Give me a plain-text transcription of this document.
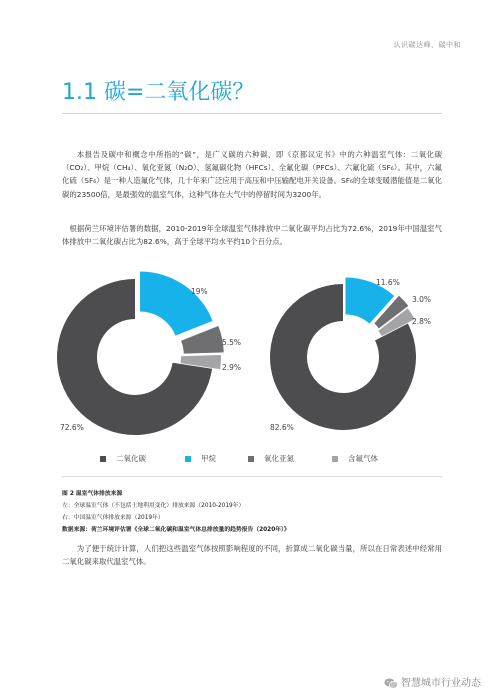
认识碳达峰、碳中和
1.1 碳=二氧化碳？

本报告及碳中和概念中所指的“碳”，是广义碳的六种碳，即《京都议定书》中的六种温室气体：二氧化碳（CO₂）、甲烷（CH₄）、氧化亚氮（N₂O）、氢氟碳化物（HFCs）、全氟化碳（PFCs）、六氟化硫（SF₆）。其中，六氟化硫（SF₆）是一种人造氟化气体，几十年来广泛应用于高压和中压输配电开关设备。SF₆的全球变暖潜能值是二氧化碳的23500倍，是最强效的温室气体，这种气体在大气中的停留时间为3200年。

根据荷兰环境评估署的数据，2010-2019年全球温室气体排放中二氧化碳平均占比为72.6%，2019年中国温室气体排放中二氧化碳占比为82.6%，高于全球平均水平约10个百分点。

72.6%
19%
5.5%
2.9%
82.6%
11.6%
3.0%
2.8%
二氧化碳	甲烷	氧化亚氮	含氟气体

图 2 温室气体排放来源

左：全球温室气体（不包括土地利用变化）排放来源（2010-2019年）

右：中国温室气体排放来源（2019年）

数据来源：荷兰环境评估署《全球二氧化碳和温室气体总排放量的趋势报告（2020年）》

为了便于统计计算，人们把这些温室气体按照影响程度的不同，折算成二氧化碳当量，所以在日常表述中经常用二氧化碳来取代温室气体。

智慧城市行业动态
